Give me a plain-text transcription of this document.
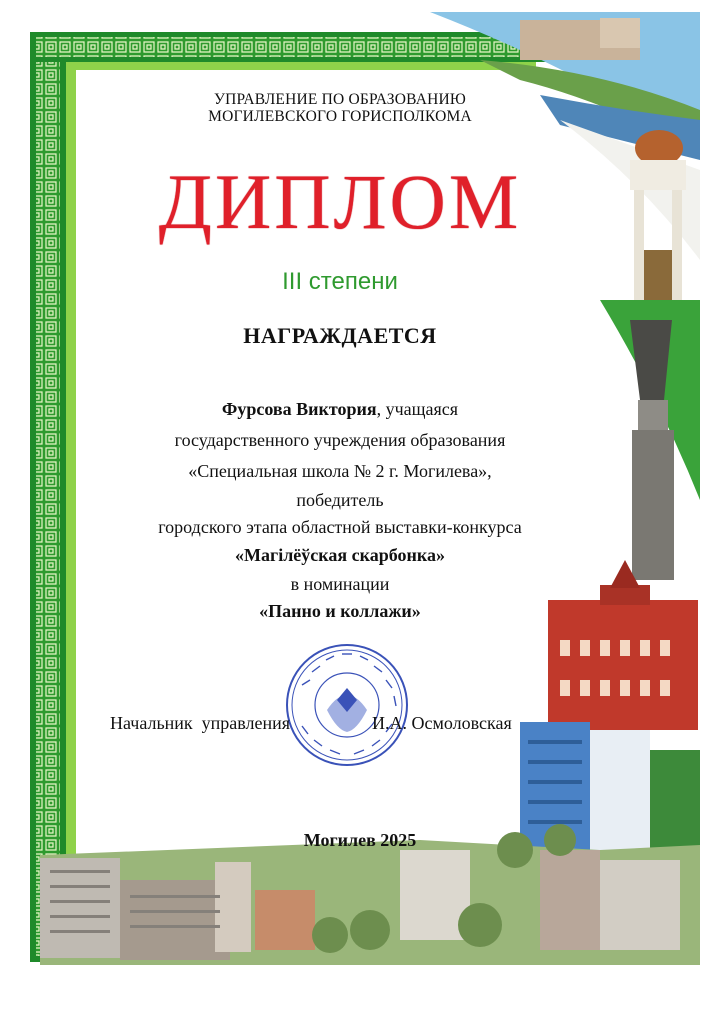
УПРАВЛЕНИЕ ПО ОБРАЗОВАНИЮ
МОГИЛЕВСКОГО ГОРИСПОЛКОМА
ДИПЛОМ
III степени
НАГРАЖДАЕТСЯ
Фурсова Виктория, учащаяся
государственного учреждения образования
«Специальная школа № 2 г. Могилева»,
победитель
городского этапа областной выставки-конкурса
«Магілёўская скарбонка»
в номинации
«Панно и коллажи»
Начальник  управления	И.А. Осмоловская
Могилев 2025
